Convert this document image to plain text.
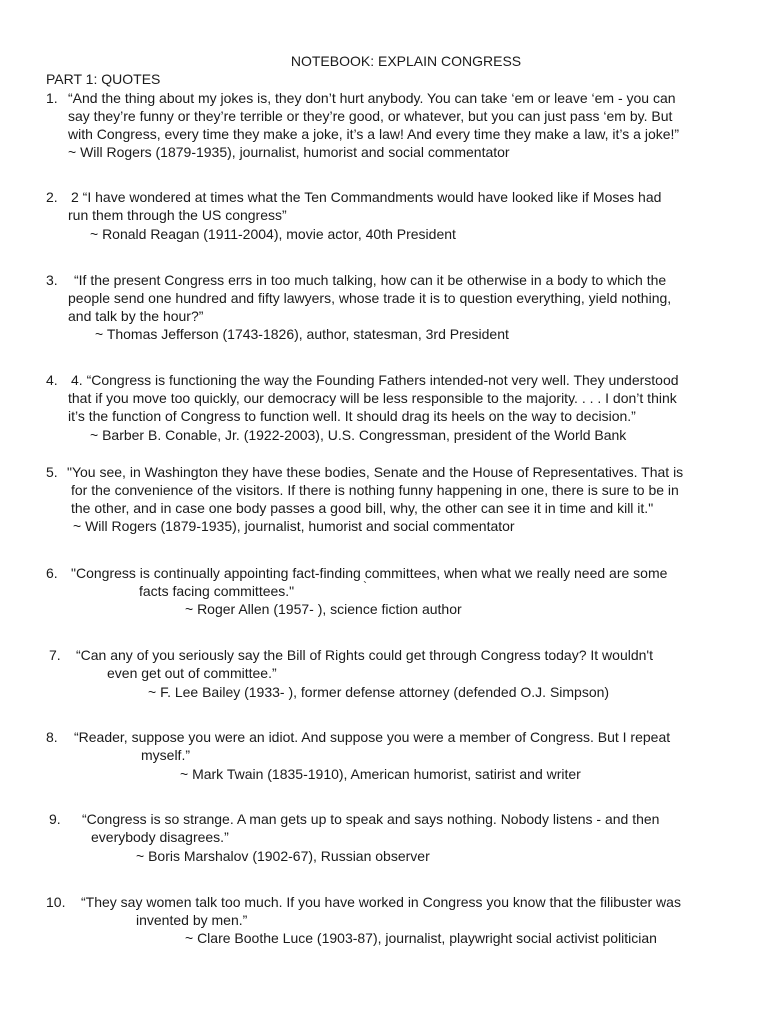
NOTEBOOK: EXPLAIN CONGRESS
PART 1: QUOTES
1. “And the thing about my jokes is, they don’t hurt anybody. You can take ‘em or leave ‘em - you can
say they’re funny or they’re terrible or they’re good, or whatever, but you can just pass ‘em by. But
with Congress, every time they make a joke, it’s a law! And every time they make a law, it’s a joke!”
~ Will Rogers (1879-1935), journalist, humorist and social commentator
2. 2 “I have wondered at times what the Ten Commandments would have looked like if Moses had
run them through the US congress”
~ Ronald Reagan (1911-2004), movie actor, 40th President
3. “If the present Congress errs in too much talking, how can it be otherwise in a body to which the
people send one hundred and fifty lawyers, whose trade it is to question everything, yield nothing,
and talk by the hour?”
~ Thomas Jefferson (1743-1826), author, statesman, 3rd President
4. 4. “Congress is functioning the way the Founding Fathers intended-not very well. They understood
that if you move too quickly, our democracy will be less responsible to the majority. . . . I don’t think
it’s the function of Congress to function well. It should drag its heels on the way to decision.”
~ Barber B. Conable, Jr. (1922-2003), U.S. Congressman, president of the World Bank
5. "You see, in Washington they have these bodies, Senate and the House of Representatives. That is
for the convenience of the visitors. If there is nothing funny happening in one, there is sure to be in
the other, and in case one body passes a good bill, why, the other can see it in time and kill it."
~ Will Rogers (1879-1935), journalist, humorist and social commentator
6. "Congress is continually appointing fact-finding committees, when what we really need are some
facts facing committees."	`
~ Roger Allen (1957- ), science fiction author
7. “Can any of you seriously say the Bill of Rights could get through Congress today? It wouldn't
even get out of committee.”
~ F. Lee Bailey (1933- ), former defense attorney (defended O.J. Simpson)
8. “Reader, suppose you were an idiot. And suppose you were a member of Congress. But I repeat
myself.”
~ Mark Twain (1835-1910), American humorist, satirist and writer
9. “Congress is so strange. A man gets up to speak and says nothing. Nobody listens - and then
everybody disagrees.”
~ Boris Marshalov (1902-67), Russian observer
10. “They say women talk too much. If you have worked in Congress you know that the filibuster was
invented by men.”
~ Clare Boothe Luce (1903-87), journalist, playwright social activist politician
